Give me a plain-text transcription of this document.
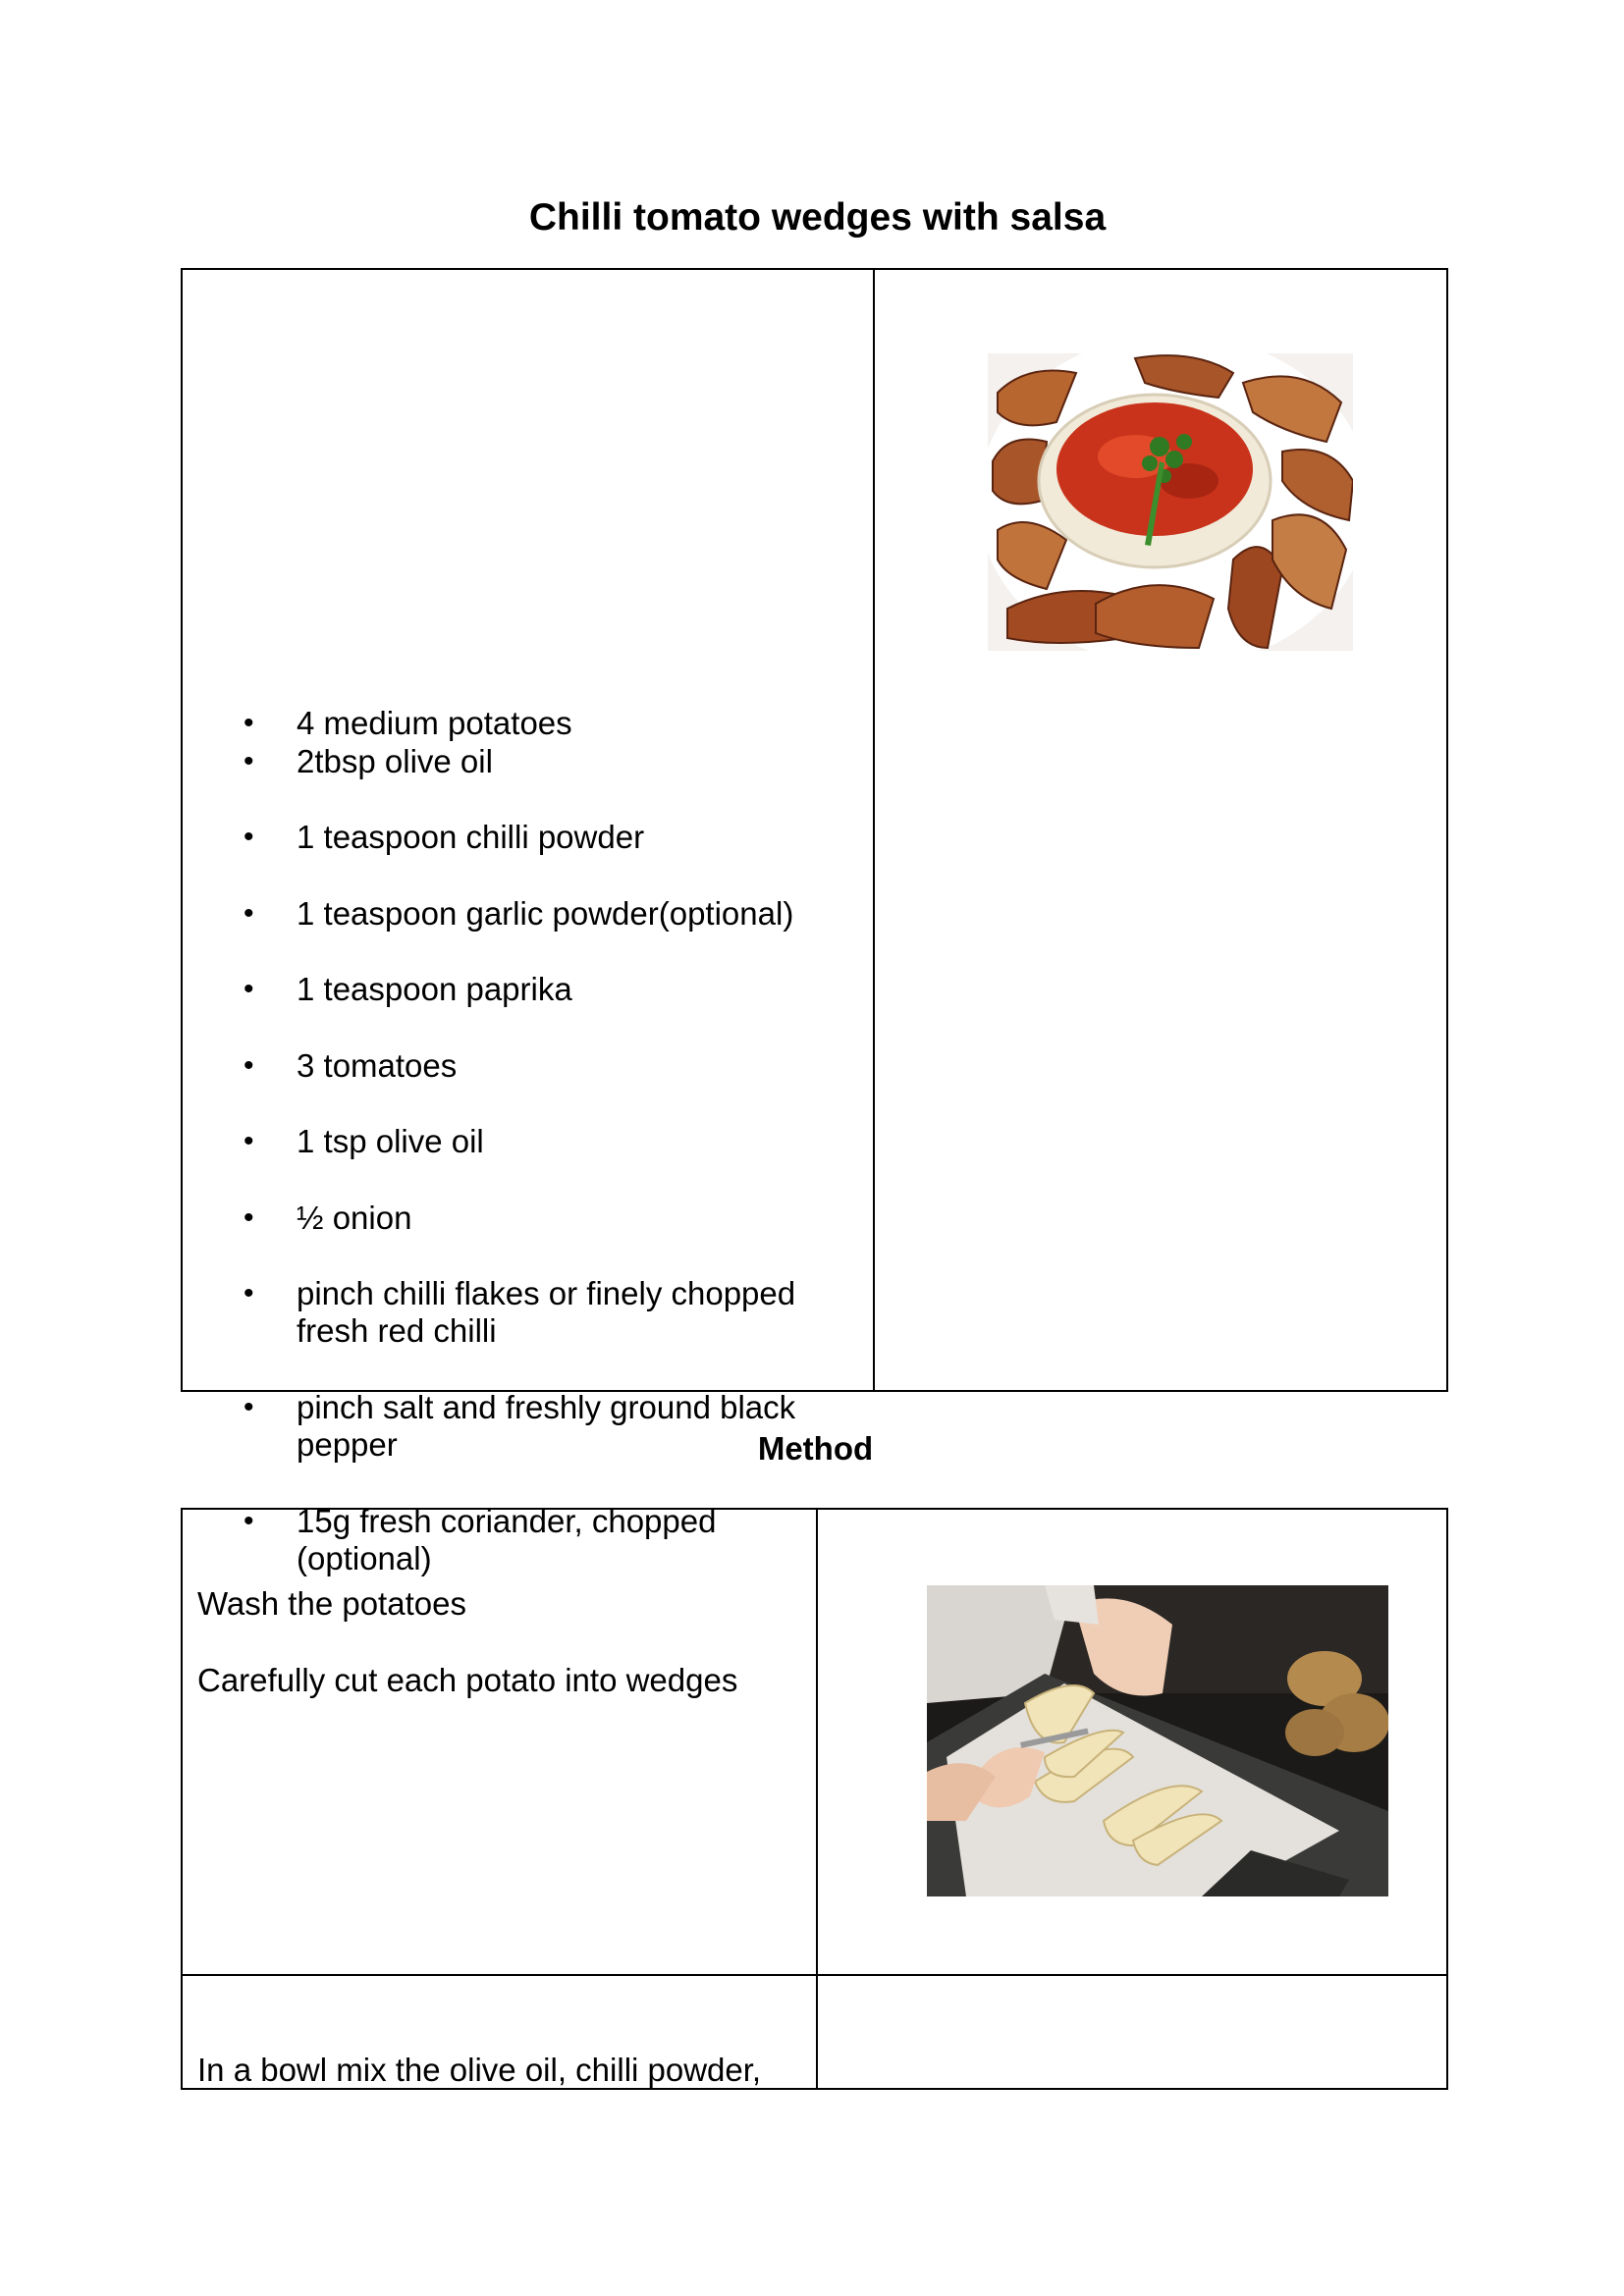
Chilli tomato wedges with salsa
• 4 medium potatoes
• 2tbsp olive oil
• 1 teaspoon chilli powder
• 1 teaspoon garlic powder(optional)
• 1 teaspoon paprika
• 3 tomatoes
• 1 tsp olive oil
• ½ onion
• pinch chilli flakes or finely chopped
fresh red chilli
• pinch salt and freshly ground black
pepper
• 15g fresh coriander, chopped
(optional)
Method
Wash the potatoes
Carefully cut each potato into wedges
In a bowl mix the olive oil, chilli powder,
